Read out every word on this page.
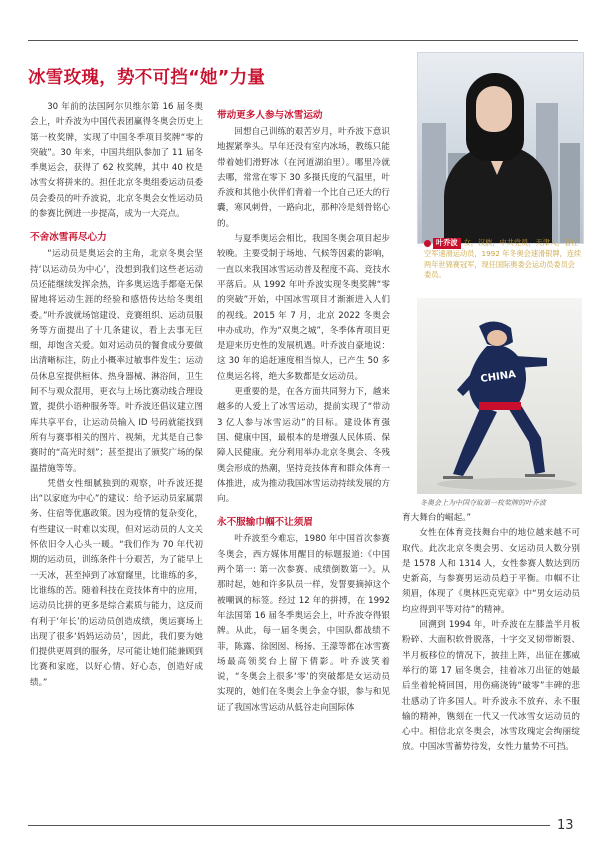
冰雪玫瑰，势不可挡“她”力量

30 年前的法国阿尔贝维尔第 16 届冬奥会上，叶乔波为中国代表团赢得冬奥会历史上第一枚奖牌，实现了中国冬季项目奖牌“零的突破”。30 年来，中国共组队参加了 11 届冬季奥运会，获得了 62 枚奖牌，其中 40 枚是冰雪女将拼来的。担任北京冬奥组委运动员委员会委员的叶乔波说，北京冬奥会女性运动员的参赛比例进一步提高，成为一大亮点。

不舍冰雪再尽心力

“运动员是奥运会的主角，北京冬奥会坚持‘以运动员为中心’，没想到我们这些老运动员还能继续发挥余热，许多奥运选手都毫无保留地将运动生涯的经验和感悟传达给冬奥组委。”叶乔波就场馆建设、竞赛组织、运动员服务等方面提出了十几条建议，看上去事无巨细，却饱含关爱。如对运动员的餐食成分要做出清晰标注，防止小概率过敏事件发生；运动员休息室提供桓体、热身器械、淋浴间，卫生间不与观众混用，更衣与上场比赛动线合理设置，提供小语种服务等。叶乔波还倡议建立图库共享平台，让运动员输入 ID 号码就能找到所有与赛事相关的图片、视频，尤其是自己参赛时的“高光时刻”；甚至提出了颁奖广场的保温措施等等。

凭借女性细腻独到的观察，叶乔波还提出“以家庭为中心”的建议：给予运动员家属票务、住宿等优惠政策。因为疫情的复杂变化，有些建议一时难以实现，但对运动员的人文关怀依旧令人心头一暖。“我们作为 70 年代初期的运动员，训练条件十分艰苦，为了能早上一天冰，甚至掉到了冰窟窿里，比谁练的多，比谁练的苦。随着科技在竞技体育中的应用，运动员比拼的更多是综合素质与能力，这反而有利于‘年长’的运动员创造成绩，奥运赛场上出现了很多‘妈妈运动员’，因此，我们要为她们提供更周到的服务，尽可能让她们能兼顾到比赛和家庭，以好心情、好心态，创造好成绩。”

带动更多人参与冰雪运动

回想自己训练的艰苦岁月，叶乔波下意识地握紧拳头。早年还没有室内冰场，教练只能带着她们滑野冰（在河道湖泊里）。哪里冷就去哪，常常在零下 30 多摄氏度的气温里，叶乔波和其他小伙伴们背着一个比自己还大的行囊，寒风刺骨，一路向北，那种冷是刻骨铭心的。

与夏季奥运会相比，我国冬奥会项目起步较晚。主要受制于场地、气候等因素的影响，一直以来我国冰雪运动普及程度不高、竞技水平落后。从 1992 年叶乔波实现冬奥奖牌“零的突破”开始，中国冰雪项目才渐渐进入人们的视线。2015 年 7 月，北京 2022 冬奥会申办成功，作为“双奥之城”，冬季体育项目更是迎来历史性的发展机遇。叶乔波自豪地说：这 30 年的追赶速度相当惊人，已产生 50 多位奥运名将，绝大多数都是女运动员。

更重要的是，在各方面共同努力下，越来越多的人爱上了冰雪运动，提前实现了“带动 3 亿人参与冰雪运动”的目标。建设体育强国、健康中国，最根本的是增强人民体质、保障人民健康。充分利用举办北京冬奥会、冬残奥会形成的热潮，坚持竞技体育和群众体育一体推进，成为推动我国冰雪运动持续发展的方向。

永不服输巾帼不让须眉

叶乔波至今难忘，1980 年中国首次参赛冬奥会，西方媒体用醒目的标题报道:《中国两个第一: 第一次参赛、成绩倒数第一》。从那时起，她和许多队员一样，发誓要摘掉这个被嘲讽的标签。经过 12 年的拼搏，在 1992 年法国第 16 届冬季奥运会上，叶乔波夺得银牌。从此，每一届冬奥会，中国队都战绩不菲，陈露、徐囡囡、杨扬、王濛等都在冰雪赛场最高领奖台上留下倩影。叶乔波笑着说，“冬奥会上很多‘零’的突破都是女运动员实现的，她们在冬奥会上争金夺银，参与和见证了我国冰雪运动从低谷走向国际体

育大舞台的崛起。”

女性在体育竞技舞台中的地位越来越不可取代。此次北京冬奥会男、女运动员人数分别是 1578 人和 1314 人，女性参赛人数达到历史新高，与参赛男运动员趋于平衡。巾帼不让须眉，体现了《奥林匹克宪章》中“男女运动员均应得到平等对待”的精神。

回溯到 1994 年，叶乔波在左膝盖半月板粉碎、大面积软骨脱落，十字交叉韧带断裂、半月板移位的情况下，披挂上阵，出征在挪威举行的第 17 届冬奥会，挂着冰刀出征的她最后坐着轮椅回国，用伤痛浇铸“破零”丰碑的悲壮感动了许多国人。叶乔波永不放弃、永不服输的精神，镌刻在一代又一代冰雪女运动员的心中。相信北京冬奥会，冰雪玫瑰定会绚丽绽放。中国冰雪蓄势待发，女性力量势不可挡。

叶乔波 女，汉族，中共党员，天津人，曾任空军速滑运动员，1992 年冬奥会速滑银牌，连续两年世锦赛冠军，现任国际奥委会运动员委员会委员。
CHINA
冬奥会上为中国夺取第一枚奖牌的叶乔波
13
